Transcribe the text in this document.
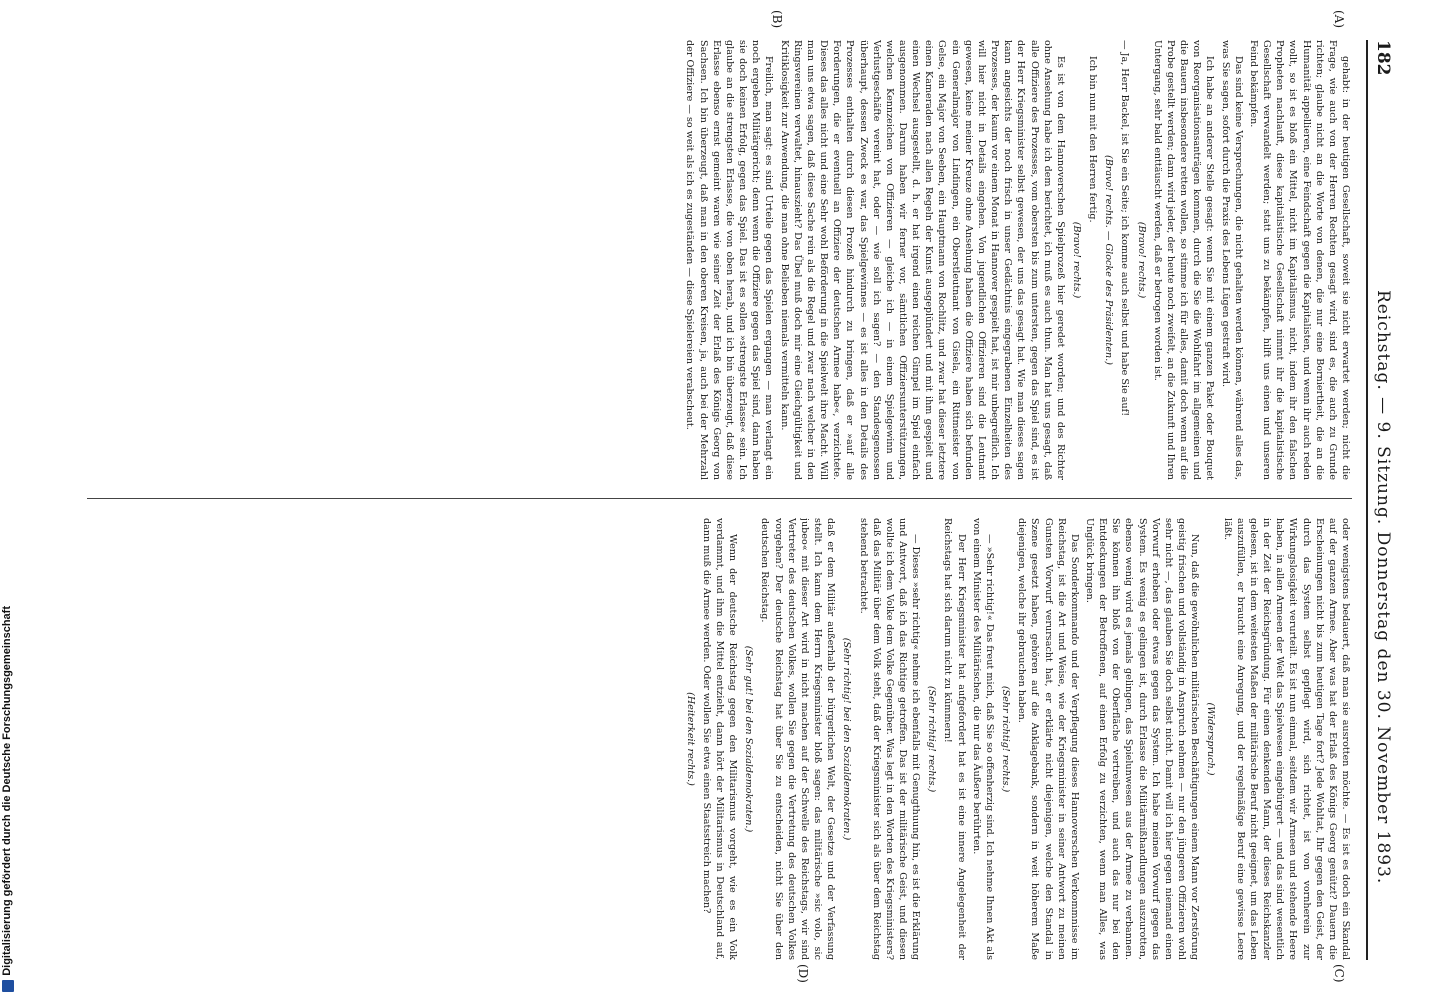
182
Reichstag. — 9. Sitzung. Donnerstag den 30. November 1893.
(A)
(B)
(C)
(D)

gehabt: in der heutigen Gesellschaft, soweit sie nicht erwartet werden; nicht die Frage, wie auch von der Herren Rechten gesagt wird, sind es, die auch zu Grunde richten; glaube nicht an die Worte von denen, die nur eine Borniertheit, die an die Humanität appellieren, eine Feindschaft gegen die Kapitalisten, und wenn ihr auch reden wollt, so ist es bloß ein Mittel, nicht im Kapitalismus, nicht, indem ihr den falschen Propheten nachlauft, diese kapitalistische Gesellschaft nimmt ihr die kapitalistische Gesellschaft verwandelt werden; statt uns zu bekämpfen, hilft uns einen und unseren Feind bekämpfen.

Das sind keine Versprechungen, die nicht gehalten werden können, während alles das, was Sie sagen, sofort durch die Praxis des Lebens Lügen gestraft wird.

Ich habe an anderer Stelle gesagt: wenn Sie mit einem ganzen Paket oder Bouquet von Reorganisationsanträgen kommen, durch die Sie die Wohlfahrt im allgemeinen und die Bauern insbesondere retten wollen, so stimme ich für alles, damit doch wenn auf die Probe gestellt werden; dann wird jeder, der heute noch zweifelt, an die Zukunft und Ihren Untergang, sehr bald enttäuscht werden, daß er betrogen worden ist.

(Bravo! rechts.)

— Ja, Herr Backel, ist Sie ein Seite; ich komme auch selbst und habe Sie auf!

(Bravo! rechts. — Glocke des Präsidenten.)

Ich bin nun mit den Herren fertig.

(Bravo! rechts.)

Es ist von dem Hannoverschen Spielprozeß hier geredet worden; und des Richter ohne Ansehung habe ich dem berichtet, ich muß es auch thun. Man hat uns gesagt, daß alle Offiziere des Prozesses, vom obersten bis zum untersten, gegen das Spiel sind, es ist der Herr Kriegsminister selbst gewesen, der uns das gesagt hat. Wie man dieses sagen kann angesichts der noch frisch in unser Gedächtnis eingegrabenen Einzelheiten des Prozesses, der kaum vor einem Monat in Hannover gespielt hat, ist mir unbegreiflich. Ich will hier nicht in Details eingehen. Von jugendlichen Offizieren sind die Leutnant gewesen, keine meiner Kreuze ohne Ansehung haben die Offiziere haben sich befunden ein Generalmajor von Lindingen, ein Oberstleutnant von Gisela, ein Rittmeister von Gelse, ein Major von Seeben, ein Hauptmann von Rochlitz, und zwar hat dieser letztere einen Kameraden nach allen Regeln der Kunst ausgeplündert und mit ihm gespielt und einen Wechsel ausgestellt, d. h. er hat irgend einen reichen Gimpel im Spiel einfach ausgenommen. Darum haben wir ferner vor, sämtlichen Offiziersunterstützungen, welchen Kennzeichen von Offizieren — gleiche ich — in einem Spielgewinn und Verlustgeschäfte vereint hat, oder — wie soll ich sagen? — den Standesgenossen überhaupt, dessen Zweck es war, das Spielgewinnes — es ist alles in den Details des Prozesses enthalten durch diesen Prozeß hindurch zu bringen, daß er »auf alle Forderungen, die er eventuell an Offiziere der deutschen Armee habe«, verzichtete. Dieses das alles nicht und eine Sehr wohl Beförderung in die Spielwelt ihre Macht. Will man uns etwa sagen, daß diese Sache rein als die Regel und zwar nach welcher in den Ringsvereinen verwaltet, hinauszieht? Das Übel muß doch mir eine Gleichgültigkeit und Kritiklosigkeit zur Anwendung, die man ohne Belieben niemals vermitteln kann.

Freilich, man sagt: es sind Urteile gegen das Spielen ergangen — man verlangt ein noch ergeben Militärgericht; denn wenn die Offiziere gegen das Spiel sind, dann haben sie doch keinen Erfolg, gegen das Spiel. Das ist es sollen »strengste Erlasse« sein. Ich glaube an die strengsten Erlasse, die von oben herab, und ich bin überzeugt, daß diese Erlasse ebenso ernst gemeint waren wie seiner Zeit der Erlaß des Königs Georg von Sachsen. Ich bin überzeugt, daß man in den oberen Kreisen, ja, auch bei der Mehrzahl der Offiziere — so weit als ich es zugeständen — diese Spielereien verabscheut.

oder wenigstens bedauert, daß man sie ausrotten möchte. — Es ist es doch ein Skandal auf der ganzen Armee. Aber was hat der Erlaß des Königs Georg genützt? Dauern die Erscheinungen nicht bis zum heutigen Tage fort? Jede Wohltat, Ihr gegen den Geist, der durch das System selbst gepflegt wird, sich richtet, ist von vornherein zur Wirkungslosigkeit verurteilt. Es ist nun einmal, seitdem wir Armeen und stehende Heere haben, in allen Armeen der Welt das Spielwesen eingebürgert — und das sind wesentlich in der Zeit der Reichsgründung. Für einen denkenden Mann, der dieses Reichskanzler gelesen, ist in dem weitesten Maßen der militärische Beruf nicht geeignet, um das Leben auszufüllen, er braucht eine Anregung, und der regelmäßige Beruf eine gewisse Leere läßt.

(Widerspruch.)

Nun, daß die gewöhnlichen militärischen Beschäftigungen einem Mann vor Zerstörung geistig frischen und vollständig in Anspruch nehmen — nur den jüngeren Offizieren wohl sehr nicht —, das glauben Sie doch selbst nicht. Damit will ich hier gegen niemand einen Vorwurf erheben oder etwas gegen das System. Ich habe meinen Vorwurf gegen das System. Es wenig es gelingen ist, durch Erlasse die Militärmißhandlungen auszurotten, ebenso wenig wird es jemals gelingen, das Spielunwesen aus der Armee zu verbannen. Sie können ihn bloß von der Oberfläche vertreiben, und auch das nur bei den Entdeckungen der Betroffenen, auf einen Erfolg zu verzichten, wenn man Alles, was Unglück bringen.

Das Sonderkommando und der Verpflegung dieses Hannoverschen Verkommnisse im Reichstag, ist die Art und Weise, wie der Kriegsminister in seiner Antwort zu meinen Gunsten Vorwurf verursacht hat, er erklärte nicht diejenigen, welche den Standal in Szene gesetzt haben, gehören auf die Anklagebank, sondern in weit höherem Maße diejenigen, welche ihr gebrauchen haben.

(Sehr richtig! rechts.)

— »Sehr richtig!« Das freut mich, daß Sie so offenherzig sind. Ich nehme Ihnen Akt als von einem Minister des Militärischen, die nur das Äußere berührten.

Der Herr Kriegsminister hat aufgefordert hat es ist eine innere Angelegenheit der Reichstags hat sich darum nicht zu kümmern!

(Sehr richtig! rechts.)

— Dieses »sehr richtig« nehme ich ebenfalls mit Genugthuung hin, es ist die Erklärung und Antwort, daß ich das Richtige getroffen. Das ist der militärische Geist, und diesen wollte ich dem Volke dem Volke Gegenüber. Was legt in den Worten des Kriegsministers? daß das Militär über dem Volk steht, daß der Kriegsminister sich als über dem Reichstag stehend betrachtet.

(Sehr richtig! bei den Sozialdemokraten.)

daß er dem Militär außerhalb der bürgerlichen Welt, der Gesetze und der Verfassung stellt. Ich kann dem Herrn Kriegsminister bloß sagen: das militärische »sic volo, sic jubeo« mit dieser Art wird in nicht machen auf der Schwelle des Reichstags, wir sind Vertreter des deutschen Volkes, wollen Sie gegen die Vertretung des deutschen Volkes vorgehen? Der deutsche Reichstag hat über Sie zu entscheiden, nicht Sie über den deutschen Reichstag.

(Sehr gut! bei den Sozialdemokraten.)

Wenn der deutsche Reichstag gegen den Militarismus vorgeht, wie es ein Volk verdammt, und ihm die Mittel entzieht, dann hört der Militarismus in Deutschland auf, dann muß die Armee werden. Oder wollen Sie etwa einen Staatsstreich machen?

(Heiterkeit rechts.)

Digitalisierung gefördert durch die Deutsche Forschungsgemeinschaft
